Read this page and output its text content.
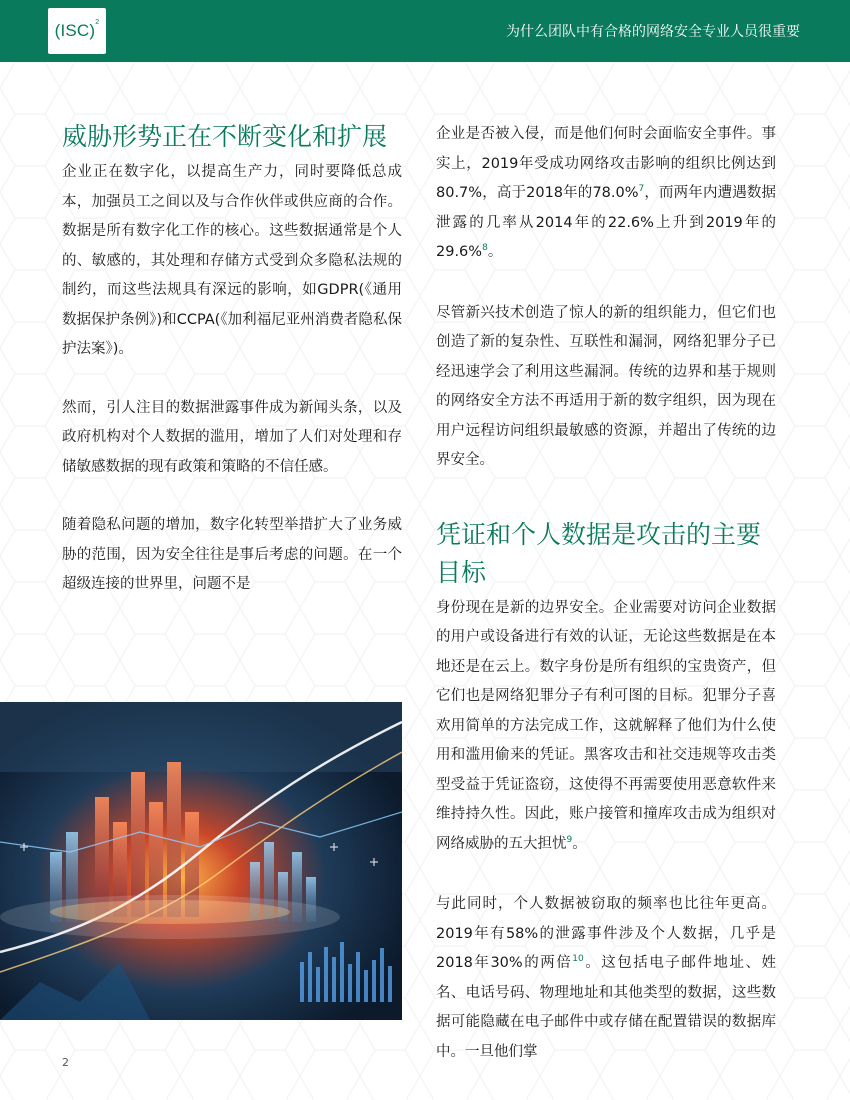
(ISC)$^2$
为什么团队中有合格的网络安全专业人员很重要
威胁形势正在不断变化和扩展

企业正在数字化，以提高生产力，同时要降低总成本，加强员工之间以及与合作伙伴或供应商的合作。数据是所有数字化工作的核心。这些数据通常是个人的、敏感的，其处理和存储方式受到众多隐私法规的制约，而这些法规具有深远的影响，如GDPR(《通用数据保护条例》)和CCPA(《加利福尼亚州消费者隐私保护法案》)。

然而，引人注目的数据泄露事件成为新闻头条，以及政府机构对个人数据的滥用，增加了人们对处理和存储敏感数据的现有政策和策略的不信任感。

随着隐私问题的增加，数字化转型举措扩大了业务威胁的范围，因为安全往往是事后考虑的问题。在一个超级连接的世界里，问题不是

企业是否被入侵，而是他们何时会面临安全事件。事实上，2019年受成功网络攻击影响的组织比例达到80.7%，高于2018年的78.0%$^7$，而两年内遭遇数据泄露的几率从2014年的22.6%上升到2019年的29.6%$^8$。

尽管新兴技术创造了惊人的新的组织能力，但它们也创造了新的复杂性、互联性和漏洞，网络犯罪分子已经迅速学会了利用这些漏洞。传统的边界和基于规则的网络安全方法不再适用于新的数字组织，因为现在用户远程访问组织最敏感的资源，并超出了传统的边界安全。

凭证和个人数据是攻击的主要目标

身份现在是新的边界安全。企业需要对访问企业数据的用户或设备进行有效的认证，无论这些数据是在本地还是在云上。数字身份是所有组织的宝贵资产，但它们也是网络犯罪分子有利可图的目标。犯罪分子喜欢用简单的方法完成工作，这就解释了他们为什么使用和滥用偷来的凭证。黑客攻击和社交违规等攻击类型受益于凭证盗窃，这使得不再需要使用恶意软件来维持持久性。因此，账户接管和撞库攻击成为组织对网络威胁的五大担忧$^9$。

与此同时，个人数据被窃取的频率也比往年更高。2019年有58%的泄露事件涉及个人数据，几乎是2018年30%的两倍$^{10}$。这包括电子邮件地址、姓名、电话号码、物理地址和其他类型的数据，这些数据可能隐藏在电子邮件中或存储在配置错误的数据库中。一旦他们掌

2
